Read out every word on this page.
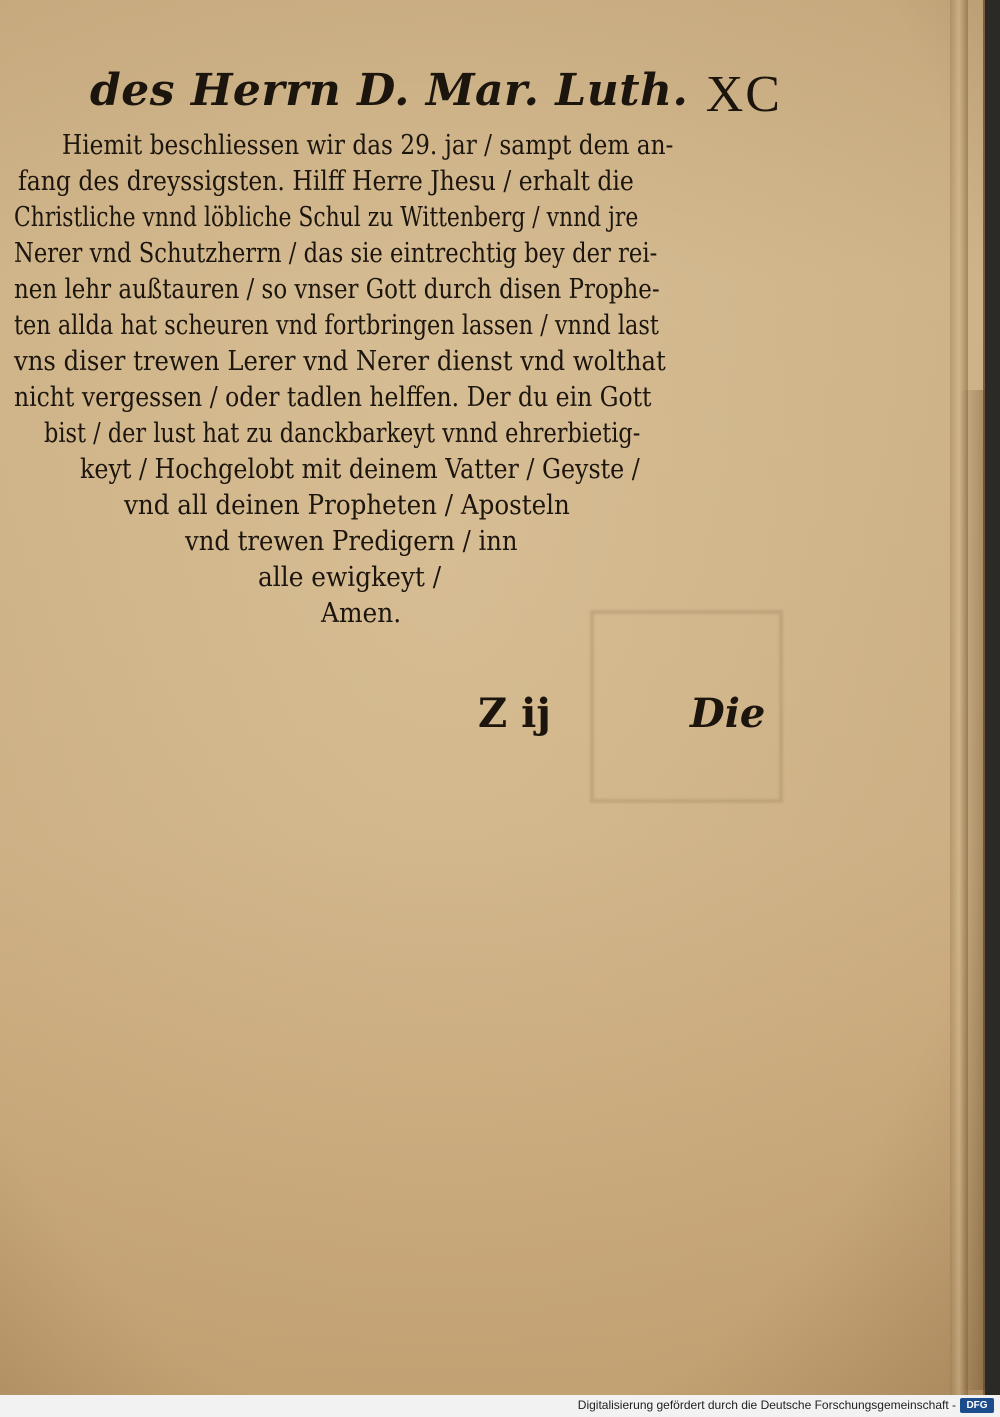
des Herrn D. Mar. Luth. XC
Hiemit beschliessen wir das 29. jar / sampt dem an-
fang des dreyssigsten. Hilff Herre Jhesu / erhalt die
Christliche vnnd löbliche Schul zu Wittenberg / vnnd jre
Nerer vnd Schutzherrn / das sie eintrechtig bey der rei-
nen lehr außtauren / so vnser Gott durch disen Prophe-
ten allda hat scheuren vnd fortbringen lassen / vnnd last
vns diser trewen Lerer vnd Nerer dienst vnd wolthat
nicht vergessen / oder tadlen helffen. Der du ein Gott
bist / der lust hat zu danckbarkeyt vnnd ehrerbietig-
keyt / Hochgelobt mit deinem Vatter / Geyste /
vnd all deinen Propheten / Aposteln
vnd trewen Predigern / inn
alle ewigkeyt /
Amen.
Z ij	Die
Digitalisierung gefördert durch die Deutsche Forschungsgemeinschaft -	DFG
